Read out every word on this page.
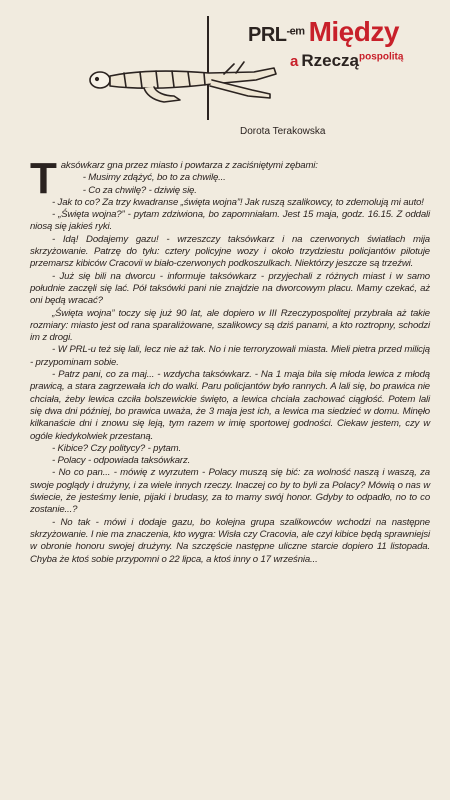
$PRL^{-em}$ Między
a Rzeczą$^{pospolitą}$
Dorota Terakowska
T aksówkarz gna przez miasto i powtarza z zaciśniętymi zębami:

- Musimy zdążyć, bo to za chwilę...

- Co za chwilę? - dziwię się.

- Jak to co? Za trzy kwadranse „święta wojna”! Jak ruszą szalikowcy, to zdemolują mi auto!

- „Święta wojna?” - pytam zdziwiona, bo zapomniałam. Jest 15 maja, godz. 16.15. Z oddali niosą się jakieś ryki.

- Idą! Dodajemy gazu! - wrzeszczy taksówkarz i na czerwonych światłach mija skrzyżowanie. Patrzę do tyłu: cztery policyjne wozy i około trzydziestu policjantów pilotuje przemarsz kibiców Cracovii w biało-czerwonych podkoszulkach. Niektórzy jeszcze są trzeźwi.

- Już się bili na dworcu - informuje taksówkarz - przyjechali z różnych miast i w samo południe zaczęli się lać. Pół taksówki pani nie znajdzie na dworcowym placu. Mamy czekać, aż oni będą wracać?

„Święta wojna” toczy się już 90 lat, ale dopiero w III Rzeczypospolitej przybrała aż takie rozmiary: miasto jest od rana sparaliżowane, szalikowcy są dziś panami, a kto roztropny, schodzi im z drogi.

- W PRL-u też się lali, lecz nie aż tak. No i nie terroryzowali miasta. Mieli pietra przed milicją - przypominam sobie.

- Patrz pani, co za maj... - wzdycha taksówkarz. - Na 1 maja bila się młoda lewica z młodą prawicą, a stara zagrzewała ich do walki. Paru policjantów było rannych. A lali się, bo prawica nie chciała, żeby lewica czciła bolszewickie święto, a lewica chciała zachować ciągłość. Potem lali się dwa dni później, bo prawica uważa, że 3 maja jest ich, a lewica ma siedzieć w domu. Minęło kilkanaście dni i znowu się leją, tym razem w imię sportowej godności. Ciekaw jestem, czy w ogóle kiedykolwiek przestaną.

- Kibice? Czy politycy? - pytam.

- Polacy - odpowiada taksówkarz.

- No co pan... - mówię z wyrzutem - Polacy muszą się bić: za wolność naszą i waszą, za swoje poglądy i drużyny, i za wiele innych rzeczy. Inaczej co by to byli za Polacy? Mówią o nas w świecie, że jesteśmy lenie, pijaki i brudasy, za to mamy swój honor. Gdyby to odpadło, no to co zostanie...?

- No tak - mówi i dodaje gazu, bo kolejna grupa szalikowców wchodzi na następne skrzyżowanie. I nie ma znaczenia, kto wygra: Wisła czy Cracovia, ale czyi kibice będą sprawniejsi w obronie honoru swojej drużyny. Na szczęście następne uliczne starcie dopiero 11 listopada. Chyba że ktoś sobie przypomni o 22 lipca, a ktoś inny o 17 września...
